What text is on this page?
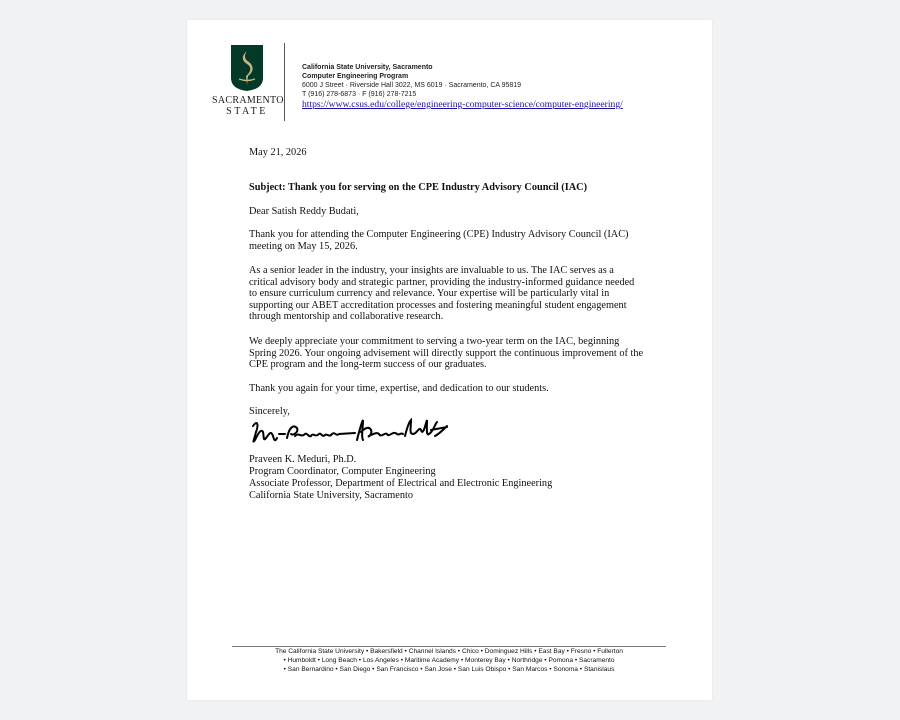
SACRAMENTO
STATE
California State University, Sacramento
Computer Engineering Program
6000 J Street · Riverside Hall 3022, MS 6019 · Sacramento, CA 95819
T (916) 278-6873 · F (916) 278-7215
https://www.csus.edu/college/engineering-computer-science/computer-engineering/
May 21, 2026
Subject: Thank you for serving on the CPE Industry Advisory Council (IAC)
Dear Satish Reddy Budati,
Thank you for attending the Computer Engineering (CPE) Industry Advisory Council (IAC) meeting on May 15, 2026.
As a senior leader in the industry, your insights are invaluable to us. The IAC serves as a critical advisory body and strategic partner, providing the industry-informed guidance needed to ensure curriculum currency and relevance. Your expertise will be particularly vital in supporting our ABET accreditation processes and fostering meaningful student engagement through mentorship and collaborative research.
We deeply appreciate your commitment to serving a two-year term on the IAC, beginning Spring 2026. Your ongoing advisement will directly support the continuous improvement of the CPE program and the long-term success of our graduates.
Thank you again for your time, expertise, and dedication to our students.
Sincerely,
Praveen K. Meduri, Ph.D.
Program Coordinator, Computer Engineering
Associate Professor, Department of Electrical and Electronic Engineering
California State University, Sacramento
The California State University • Bakersfield • Channel Islands • Chico • Dominguez Hills • East Bay • Fresno • Fullerton
• Humboldt • Long Beach • Los Angeles • Maritime Academy • Monterey Bay • Northridge • Pomona • Sacramento
• San Bernardino • San Diego • San Francisco • San Jose • San Luis Obispo • San Marcos • Sonoma • Stanislaus
